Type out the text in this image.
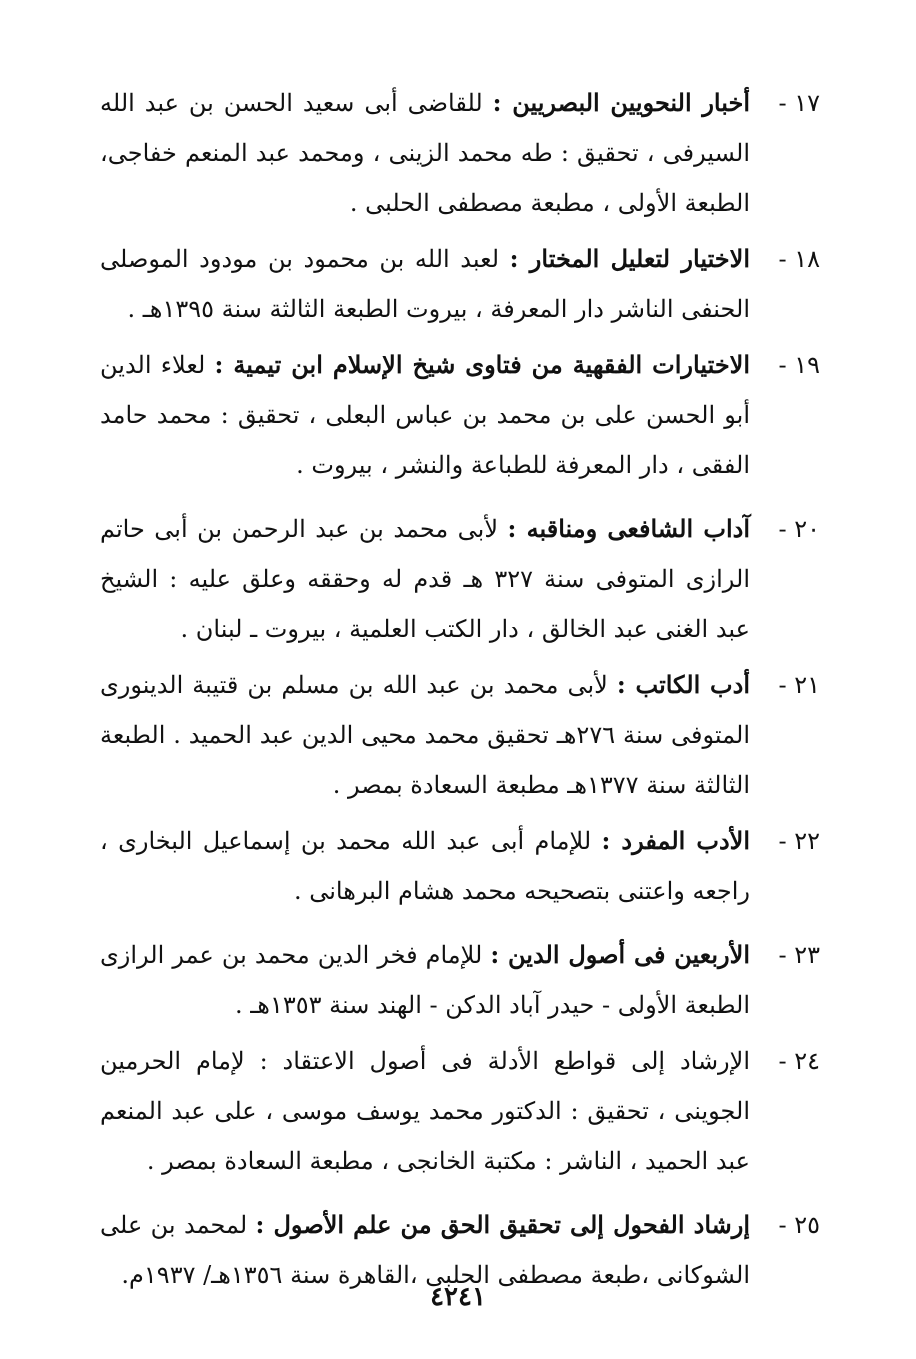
١٧ -
أخبار النحويين البصريين : للقاضى أبى سعيد الحسن بن عبد الله السيرفى ، تحقيق : طه محمد الزينى ، ومحمد عبد المنعم خفاجى، الطبعة الأولى ، مطبعة مصطفى الحلبى .
١٨ -
الاختيار لتعليل المختار : لعبد الله بن محمود بن مودود الموصلى الحنفى الناشر دار المعرفة ، بيروت الطبعة الثالثة سنة ١٣٩٥هـ .
١٩ -
الاختيارات الفقهية من فتاوى شيخ الإسلام ابن تيمية : لعلاء الدين أبو الحسن على بن محمد بن عباس البعلى ، تحقيق : محمد حامد الفقى ، دار المعرفة للطباعة والنشر ، بيروت .
٢٠ -
آداب الشافعى ومناقبه : لأبى محمد بن عبد الرحمن بن أبى حاتم الرازى المتوفى سنة ٣٢٧ هـ قدم له وحققه وعلق عليه : الشيخ عبد الغنى عبد الخالق ، دار الكتب العلمية ، بيروت ـ لبنان .
٢١ -
أدب الكاتب : لأبى محمد بن عبد الله بن مسلم بن قتيبة الدينورى المتوفى سنة ٢٧٦هـ تحقيق محمد محيى الدين عبد الحميد . الطبعة الثالثة سنة ١٣٧٧هـ مطبعة السعادة بمصر .
٢٢ -
الأدب المفرد : للإمام أبى عبد الله محمد بن إسماعيل البخارى ، راجعه واعتنى بتصحيحه محمد هشام البرهانى .
٢٣ -
الأربعين فى أصول الدين : للإمام فخر الدين محمد بن عمر الرازى الطبعة الأولى - حيدر آباد الدكن - الهند سنة ١٣٥٣هـ .
٢٤ -
الإرشاد إلى قواطع الأدلة فى أصول الاعتقاد : لإمام الحرمين الجوينى ، تحقيق : الدكتور محمد يوسف موسى ، على عبد المنعم عبد الحميد ، الناشر : مكتبة الخانجى ، مطبعة السعادة بمصر .
٢٥ -
إرشاد الفحول إلى تحقيق الحق من علم الأصول : لمحمد بن على الشوكانى ،طبعة مصطفى الحلبى ،القاهرة سنة ١٣٥٦هـ/ ١٩٣٧م.
٤٢٤١
